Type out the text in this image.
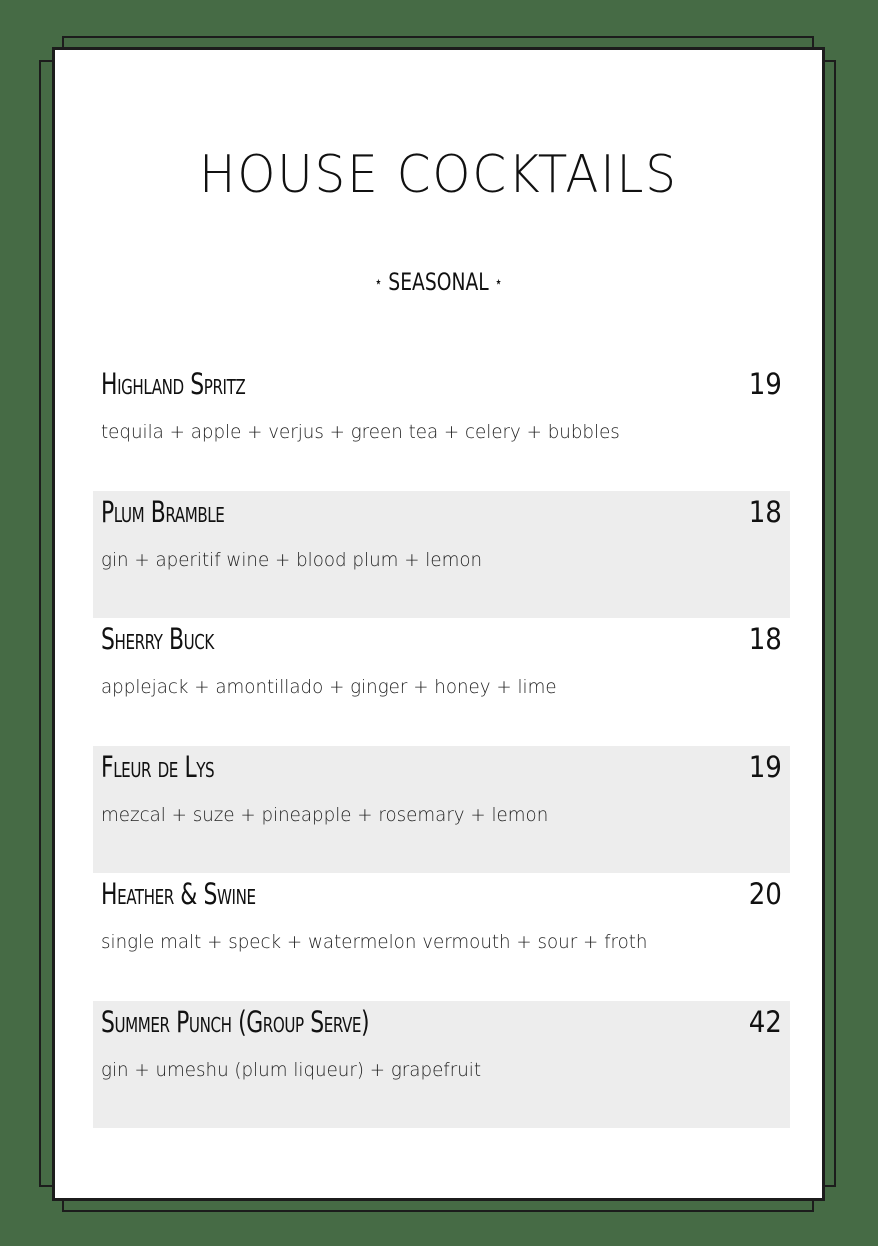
HOUSE COCKTAILS
⋆ SEASONAL ⋆
Highland Spritz	19
tequila + apple + verjus + green tea + celery + bubbles
Plum Bramble	18
gin + aperitif wine + blood plum + lemon
Sherry Buck	18
applejack + amontillado + ginger + honey + lime
Fleur de Lys	19
mezcal + suze + pineapple + rosemary + lemon
Heather & Swine	20
single malt + speck + watermelon vermouth + sour + froth
Summer Punch (Group Serve)	42
gin + umeshu (plum liqueur) + grapefruit
